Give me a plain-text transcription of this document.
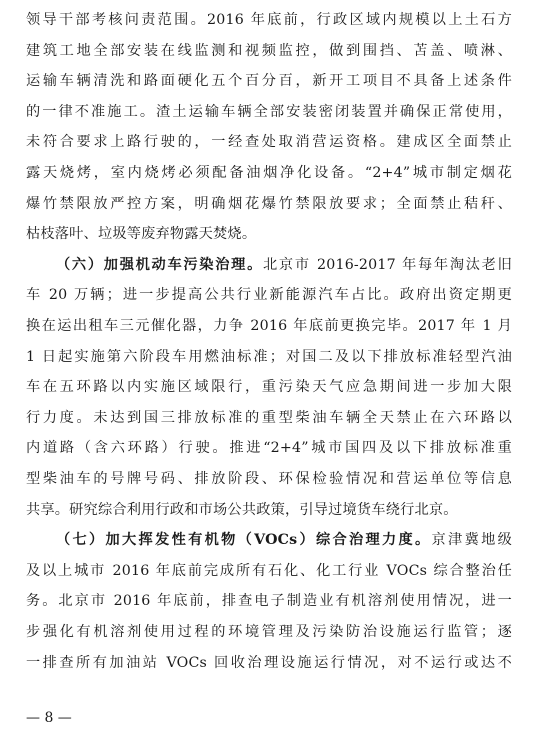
领导干部考核问责范围。2016 年底前，行政区域内规模以上土石方
建筑工地全部安装在线监测和视频监控，做到围挡、苫盖、喷淋、
运输车辆清洗和路面硬化五个百分百，新开工项目不具备上述条件
的一律不准施工。渣土运输车辆全部安装密闭装置并确保正常使用，
未符合要求上路行驶的，一经查处取消营运资格。建成区全面禁止
露天烧烤，室内烧烤必须配备油烟净化设备。“2+4”城市制定烟花
爆竹禁限放严控方案，明确烟花爆竹禁限放要求；全面禁止秸秆、
枯枝落叶、垃圾等废弃物露天焚烧。
（六）加强机动车污染治理。北京市 2016-2017 年每年淘汰老旧
车 20 万辆；进一步提高公共行业新能源汽车占比。政府出资定期更
换在运出租车三元催化器，力争 2016 年底前更换完毕。2017 年 1 月
1 日起实施第六阶段车用燃油标准；对国二及以下排放标准轻型汽油
车在五环路以内实施区域限行，重污染天气应急期间进一步加大限
行力度。未达到国三排放标准的重型柴油车辆全天禁止在六环路以
内道路（含六环路）行驶。推进“2+4”城市国四及以下排放标准重
型柴油车的号牌号码、排放阶段、环保检验情况和营运单位等信息
共享。研究综合利用行政和市场公共政策，引导过境货车绕行北京。
（七）加大挥发性有机物（VOCs）综合治理力度。京津冀地级
及以上城市 2016 年底前完成所有石化、化工行业 VOCs 综合整治任
务。北京市 2016 年底前，排查电子制造业有机溶剂使用情况，进一
步强化有机溶剂使用过程的环境管理及污染防治设施运行监管；逐
一排查所有加油站 VOCs 回收治理设施运行情况，对不运行或达不
— 8 —
